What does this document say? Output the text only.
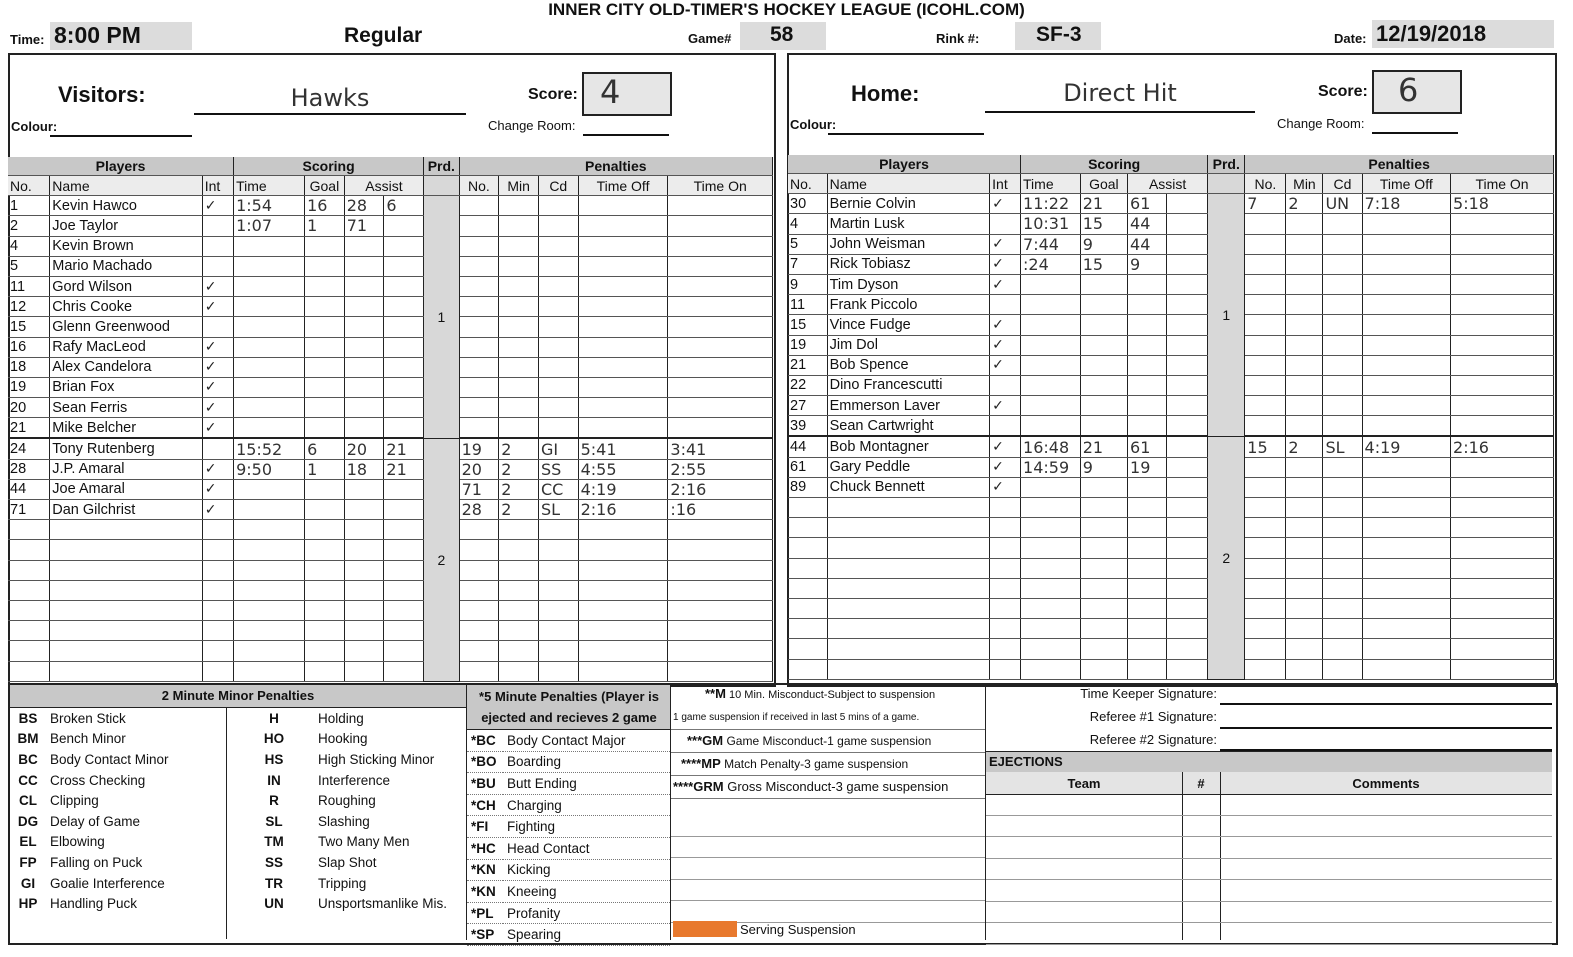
INNER CITY OLD-TIMER'S HOCKEY LEAGUE (ICOHL.COM)
Time: 8:00 PM	Regular	Game# 58	Rink #:	SF-3	Date: 12/19/2018
Visitors:	Hawks	Score: 4
Colour:	Change Room:
Home:	Direct Hit	Score: 6
Colour:	Change Room:
Players			Scoring				Prd.	Penalties				
No.	Name	Int	Time	Goal	Assist			No.	Min	Cd	Time Off	Time On
1	Kevin Hawco	✓	1:54	16	28	6	1					
2	Joe Taylor		1:07	1	71							
4	Kevin Brown											
5	Mario Machado											
11	Gord Wilson	✓										
12	Chris Cooke	✓										
15	Glenn Greenwood											
16	Rafy MacLeod	✓										
18	Alex Candelora	✓										
19	Brian Fox	✓										
20	Sean Ferris	✓										
21	Mike Belcher	✓										
24	Tony Rutenberg		15:52	6	20	21	2	19	2	GI	5:41	3:41
28	J.P. Amaral	✓	9:50	1	18	21		20	2	SS	4:55	2:55
44	Joe Amaral	✓						71	2	CC	4:19	2:16
71	Dan Gilchrist	✓						28	2	SL	2:16	:16

Players			Scoring				Prd.	Penalties				
No.	Name	Int	Time	Goal	Assist			No.	Min	Cd	Time Off	Time On
30	Bernie Colvin	✓	11:22	21	61		1	7	2	UN	7:18	5:18
4	Martin Lusk		10:31	15	44							
5	John Weisman	✓	7:44	9	44							
7	Rick Tobiasz	✓	:24	15	9							
9	Tim Dyson	✓										
11	Frank Piccolo											
15	Vince Fudge	✓										
19	Jim Dol	✓										
21	Bob Spence	✓										
22	Dino Francescutti											
27	Emmerson Laver	✓										
39	Sean Cartwright											
44	Bob Montagner	✓	16:48	21	61		2	15	2	SL	4:19	2:16
61	Gary Peddle	✓	14:59	9	19							
89	Chuck Bennett	✓										

2 Minute Minor Penalties
BS	Broken Stick	H	Holding
BM	Bench Minor	HO	Hooking
BC	Body Contact Minor	HS	High Sticking Minor
CC	Cross Checking	IN	Interference
CL	Clipping	R	Roughing
DG	Delay of Game	SL	Slashing
EL	Elbowing	TM	Two Many Men
FP	Falling on Puck	SS	Slap Shot
GI	Goalie Interference	TR	Tripping
HP	Handling Puck	UN	Unsportsmanlike Mis.
*5 Minute Penalties (Player is ejected and recieves 2 game
*BC	Body Contact Major
*BO	Boarding
*BU	Butt Ending
*CH	Charging
*FI	Fighting
*HC	Head Contact
*KN	Kicking
*KN	Kneeing
*PL	Profanity
*SP	Spearing
**M 10 Min. Misconduct-Subject to suspension
1 game suspension if received in last 5 mins of a game.
***GM Game Misconduct-1 game suspension
****MP Match Penalty-3 game suspension
****GRM Gross Misconduct-3 game suspension
Serving Suspension
Time Keeper Signature:
Referee #1 Signature:
Referee #2 Signature:
EJECTIONS
Team	#	Comments
